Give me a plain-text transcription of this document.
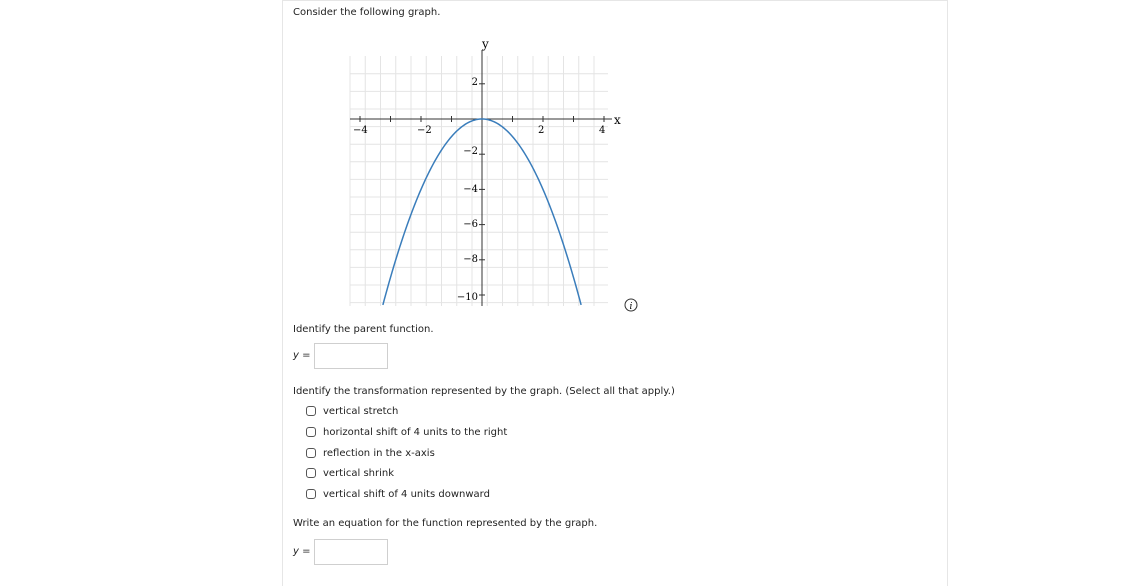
Consider the following graph.
y
x
−4	−2	2	4
2
−2
−4
−6
−8
−10
i
Identify the parent function.
y =
Identify the transformation represented by the graph. (Select all that apply.)
vertical stretch
horizontal shift of 4 units to the right
reflection in the x-axis
vertical shrink
vertical shift of 4 units downward
Write an equation for the function represented by the graph.
y =
